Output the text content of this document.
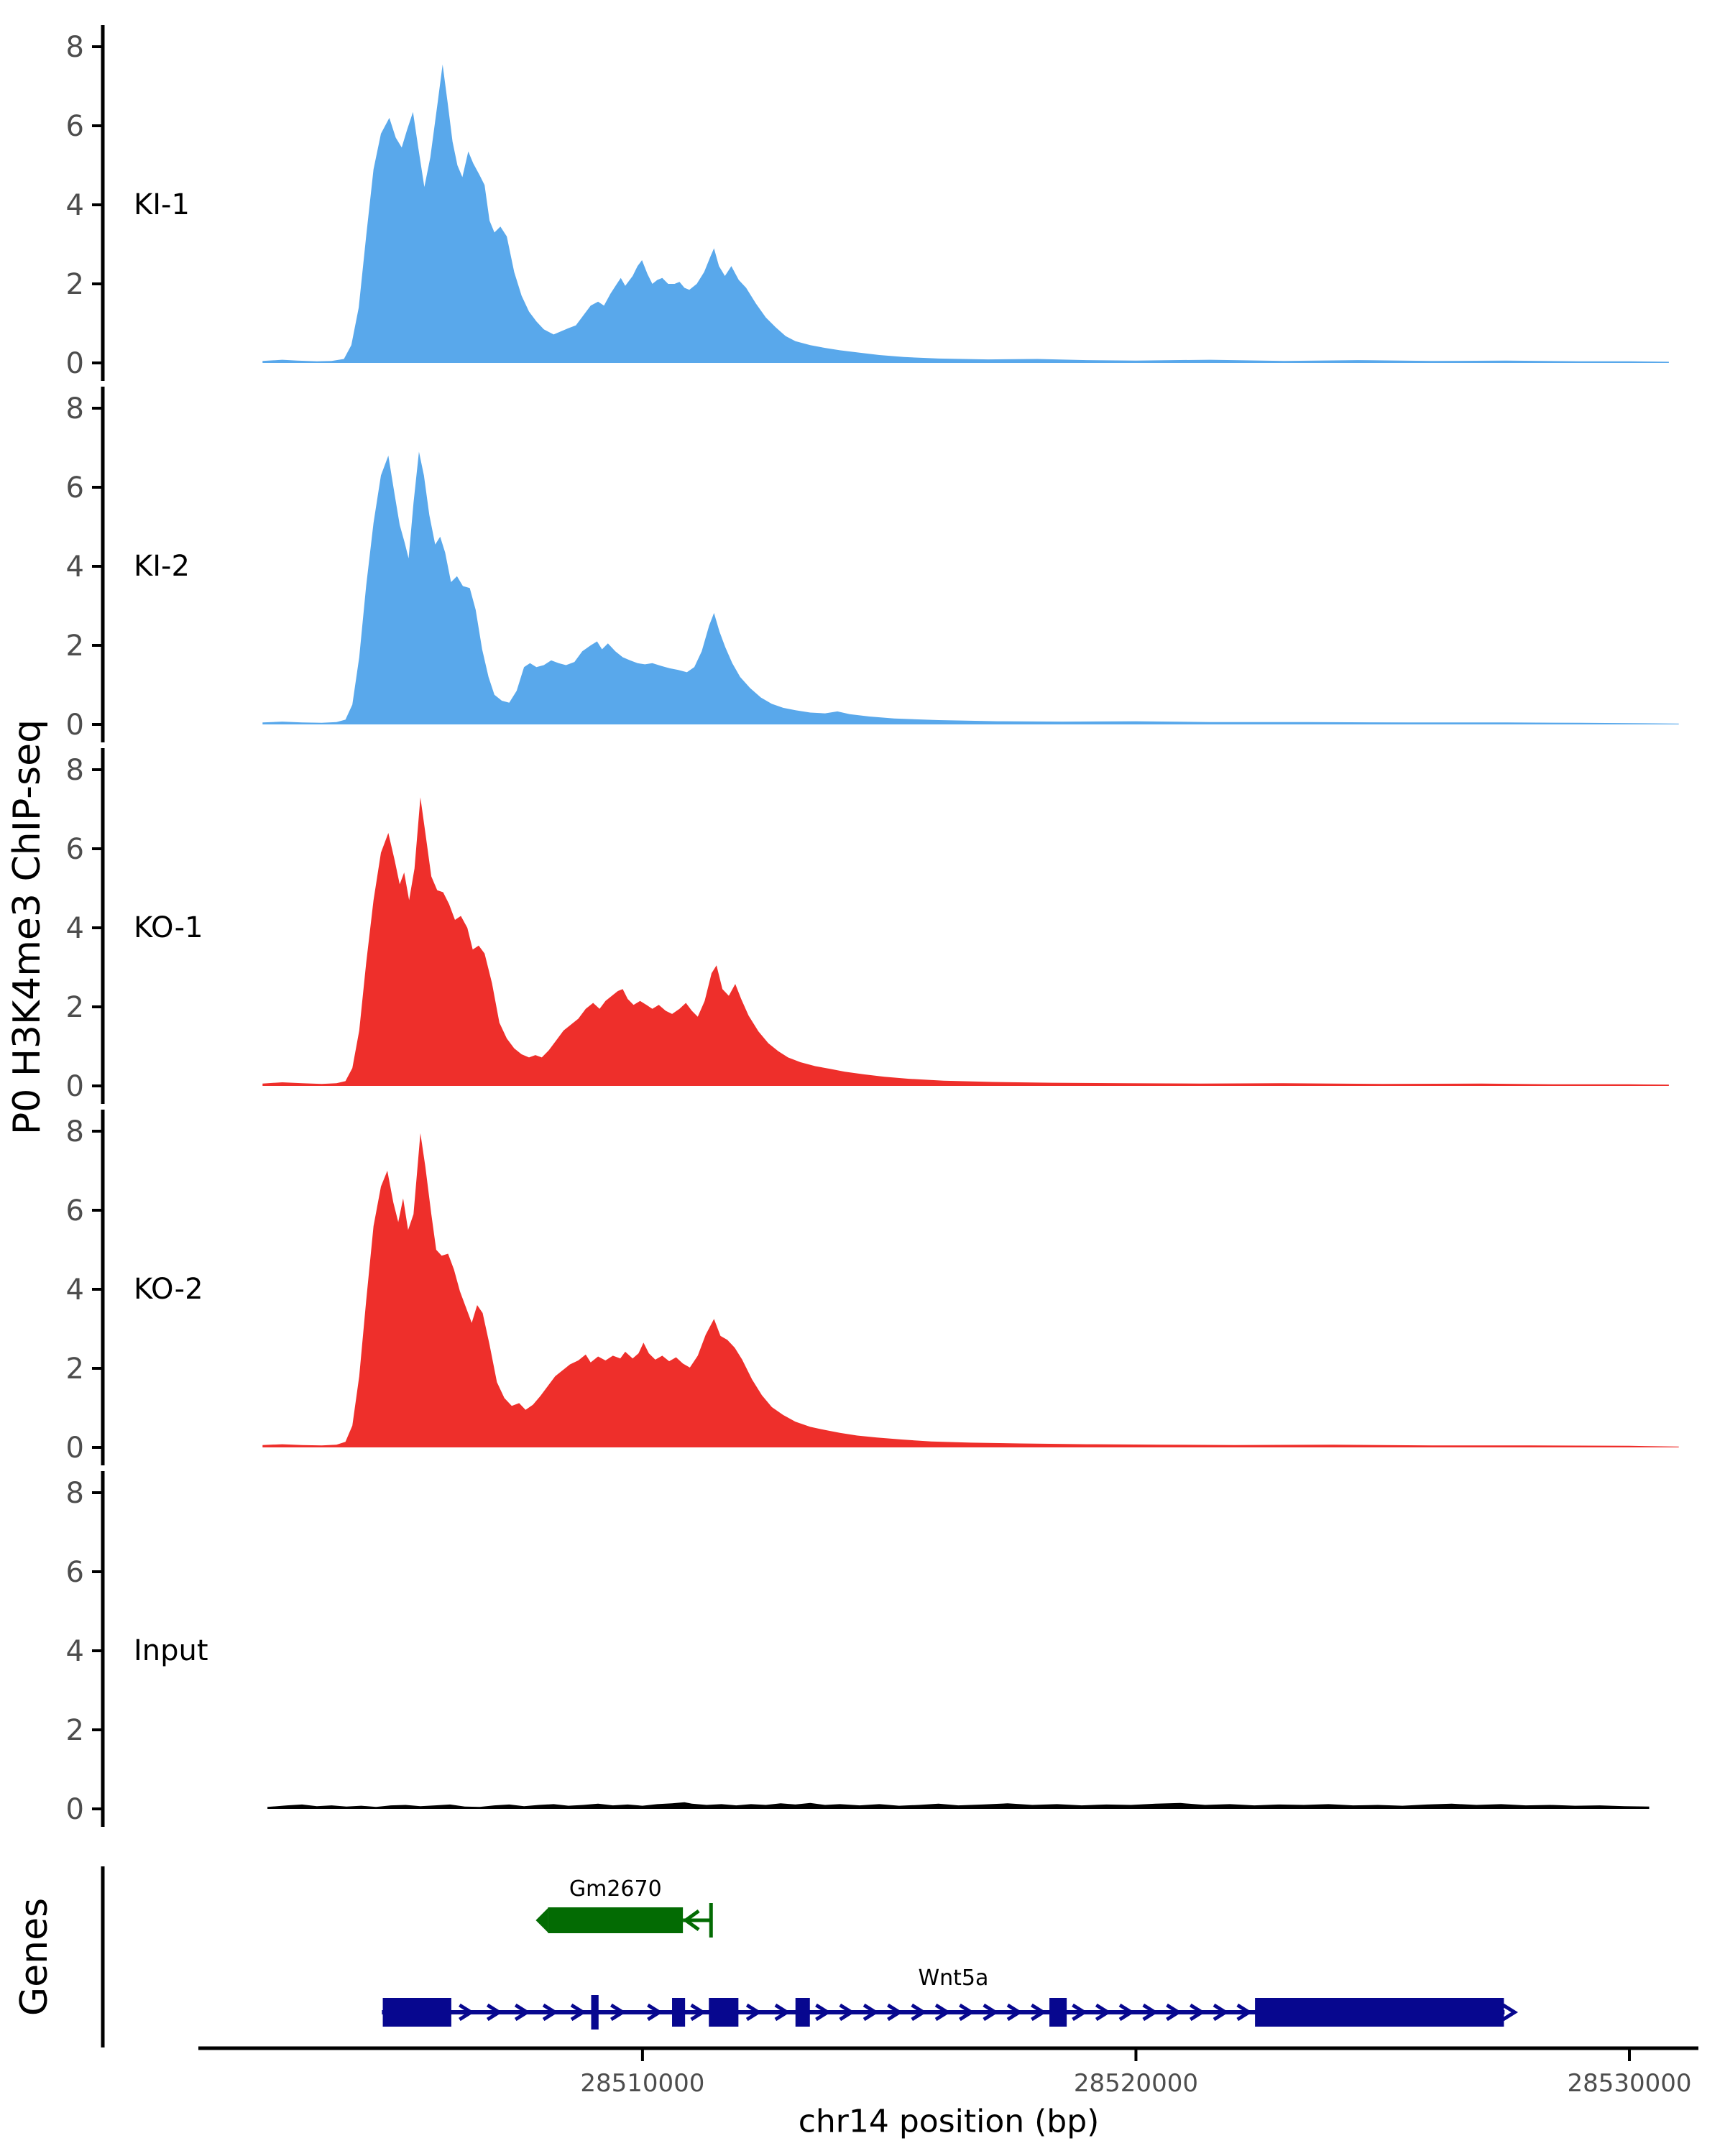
0
2
4
6
8
0
2
4
6
8
0
2
4
6
8
0
2
4
6
8
0
2
4
6
8
Gm2670
Wnt5a
28510000	28520000	28530000
KI-1
KI-2
KO-1
KO-2
Input
P0 H3K4me3 ChIP-seq
Genes
chr14 position (bp)
